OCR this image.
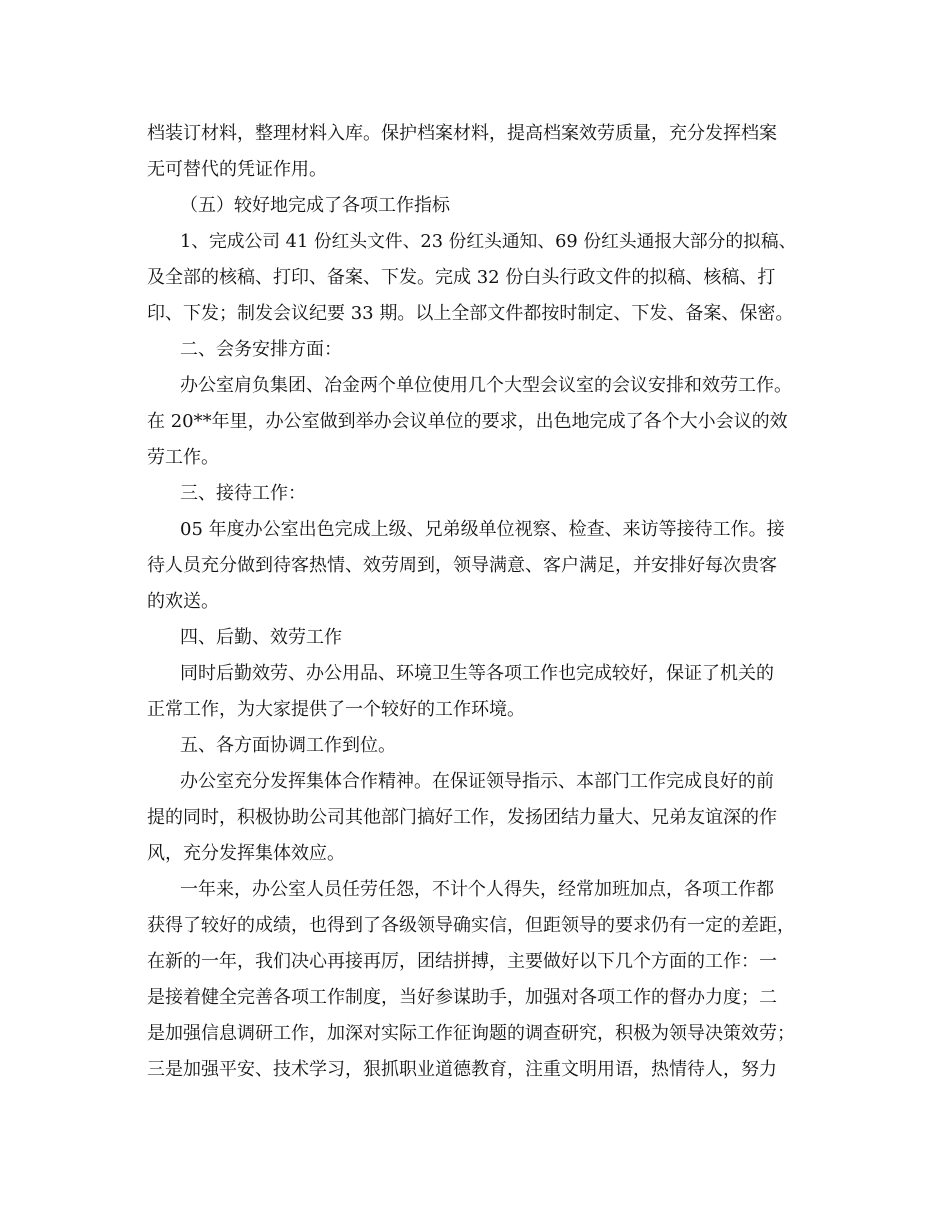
档装订材料，整理材料入库。保护档案材料，提高档案效劳质量，充分发挥档案

无可替代的凭证作用。

（五）较好地完成了各项工作指标

1、完成公司 41 份红头文件、23 份红头通知、69 份红头通报大部分的拟稿、

及全部的核稿、打印、备案、下发。完成 32 份白头行政文件的拟稿、核稿、打

印、下发；制发会议纪要 33 期。以上全部文件都按时制定、下发、备案、保密。

二、会务安排方面：

办公室肩负集团、冶金两个单位使用几个大型会议室的会议安排和效劳工作。

在 20**年里，办公室做到举办会议单位的要求，出色地完成了各个大小会议的效

劳工作。

三、接待工作：

05 年度办公室出色完成上级、兄弟级单位视察、检查、来访等接待工作。接

待人员充分做到待客热情、效劳周到，领导满意、客户满足，并安排好每次贵客

的欢送。

四、后勤、效劳工作

同时后勤效劳、办公用品、环境卫生等各项工作也完成较好，保证了机关的

正常工作，为大家提供了一个较好的工作环境。

五、各方面协调工作到位。

办公室充分发挥集体合作精神。在保证领导指示、本部门工作完成良好的前

提的同时，积极协助公司其他部门搞好工作，发扬团结力量大、兄弟友谊深的作

风，充分发挥集体效应。

一年来，办公室人员任劳任怨，不计个人得失，经常加班加点，各项工作都

获得了较好的成绩，也得到了各级领导确实信，但距领导的要求仍有一定的差距，

在新的一年，我们决心再接再厉，团结拼搏，主要做好以下几个方面的工作：一

是接着健全完善各项工作制度，当好参谋助手，加强对各项工作的督办力度；二

是加强信息调研工作，加深对实际工作征询题的调查研究，积极为领导决策效劳；

三是加强平安、技术学习，狠抓职业道德教育，注重文明用语，热情待人，努力
